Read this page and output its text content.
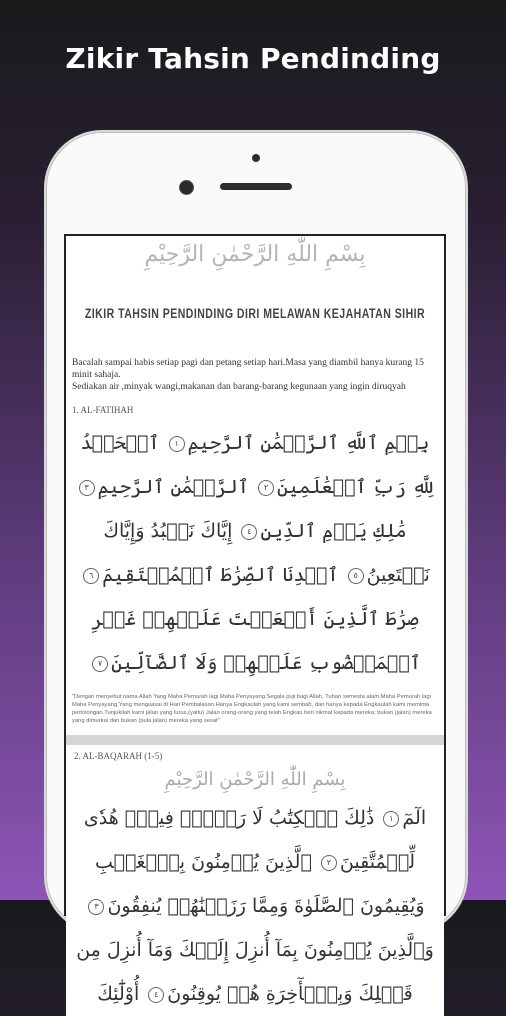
Zikir Tahsin Pendinding
بِسْمِ اللّٰهِ الرَّحْمٰنِ الرَّحِيْمِ
ZIKIR TAHSIN PENDINDING DIRI MELAWAN KEJAHATAN SIHIR
Bacalah sampai habis setiap pagi dan petang setiap hari.Masa yang diambil hanya kurang 15 minit sahaja.
Sediakan air ,minyak wangi,makanan dan barang-barang kegunaan yang ingin diruqyah
1. AL-FATIHAH
بِسۡمِ ٱللَّهِ ٱلرَّحۡمَٰنِ ٱلرَّحِيمِ١ ٱلۡحَمۡدُ لِلَّهِ رَبِّ ٱلۡعَٰلَمِينَ٢ ٱلرَّحۡمَٰنِ ٱلرَّحِيمِ٣ مَٰلِكِ يَوۡمِ ٱلدِّينِ٤ إِيَّاكَ نَعۡبُدُ وَإِيَّاكَ نَسۡتَعِينُ٥ ٱهۡدِنَا ٱلصِّرَٰطَ ٱلۡمُسۡتَقِيمَ٦ صِرَٰطَ ٱلَّذِينَ أَنۡعَمۡتَ عَلَيۡهِمۡ غَيۡرِ ٱلۡمَغۡضُوبِ عَلَيۡهِمۡ وَلَا ٱلضَّآلِّينَ٧
"Dengan menyebut nama Allah Yang Maha Pemurah lagi Maha Penyayang.Segala puji bagi Allah, Tuhan semesta alam.Maha Pemurah lagi Maha Penyayang.Yang menguasai di Hari Pembalasan.Hanya Engkaulah yang kami sembah, dan hanya kepada Engkaulah kami meminta pertolongan.Tunjukilah kami jalan yang lurus,(yaitu) Jalan orang-orang yang telah Engkau beri nikmat kepada mereka; bukan (jalan) mereka yang dimurkai dan bukan (pula jalan) mereka yang sesat"
2. AL-BAQARAH (1-5)
بِسْمِ اللّٰهِ الرَّحْمٰنِ الرَّحِيْمِ
الٓمٓ١ ذَٰلِكَ ٱلۡكِتَٰبُ لَا رَيۡبَۛ فِيهِۛ هُدٗى لِّلۡمُتَّقِينَ٢ ٱلَّذِينَ يُؤۡمِنُونَ بِٱلۡغَيۡبِ وَيُقِيمُونَ ٱلصَّلَوٰةَ وَمِمَّا رَزَقۡنَٰهُمۡ يُنفِقُونَ٣ وَٱلَّذِينَ يُؤۡمِنُونَ بِمَآ أُنزِلَ إِلَيۡكَ وَمَآ أُنزِلَ مِن قَبۡلِكَ وَبِٱلۡأٓخِرَةِ هُمۡ يُوقِنُونَ٤ أُوْلَٰٓئِكَ
